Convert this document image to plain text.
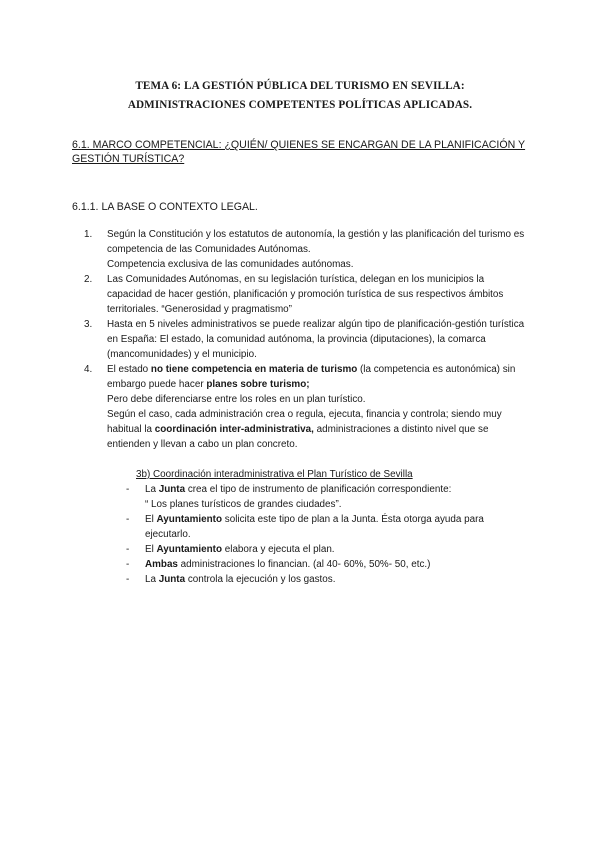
TEMA 6: LA GESTIÓN PÚBLICA DEL TURISMO EN SEVILLA:
ADMINISTRACIONES COMPETENTES POLÍTICAS APLICADAS.
6.1. MARCO COMPETENCIAL: ¿QUIÉN/ QUIENES SE ENCARGAN DE LA PLANIFICACIÓN Y GESTIÓN TURÍSTICA?
6.1.1. LA BASE O CONTEXTO LEGAL.
1. Según la Constitución y los estatutos de autonomía, la gestión y las planificación del turismo es competencia de las Comunidades Autónomas.
Competencia exclusiva de las comunidades autónomas.
2. Las Comunidades Autónomas, en su legislación turística, delegan en los municipios la capacidad de hacer gestión, planificación y promoción turística de sus respectivos ámbitos territoriales. “Generosidad y pragmatismo”
3. Hasta en 5 niveles administrativos se puede realizar algún tipo de planificación-gestión turística en España: El estado, la comunidad autónoma, la provincia (diputaciones), la comarca (mancomunidades) y el municipio.
4. El estado no tiene competencia en materia de turismo (la competencia es autonómica) sin embargo puede hacer planes sobre turismo;
Pero debe diferenciarse entre los roles en un plan turístico.
Según el caso, cada administración crea o regula, ejecuta, financia y controla; siendo muy habitual la coordinación inter-administrativa, administraciones a distinto nivel que se entienden y llevan a cabo un plan concreto.
3b) Coordinación interadministrativa el Plan Turístico de Sevilla
- La Junta crea el tipo de instrumento de planificación correspondiente:
“ Los planes turísticos de grandes ciudades”.
- El Ayuntamiento solicita este tipo de plan a la Junta. Ésta otorga ayuda para ejecutarlo.
- El Ayuntamiento elabora y ejecuta el plan.
- Ambas administraciones lo financian. (al 40- 60%, 50%- 50, etc.)
- La Junta controla la ejecución y los gastos.
